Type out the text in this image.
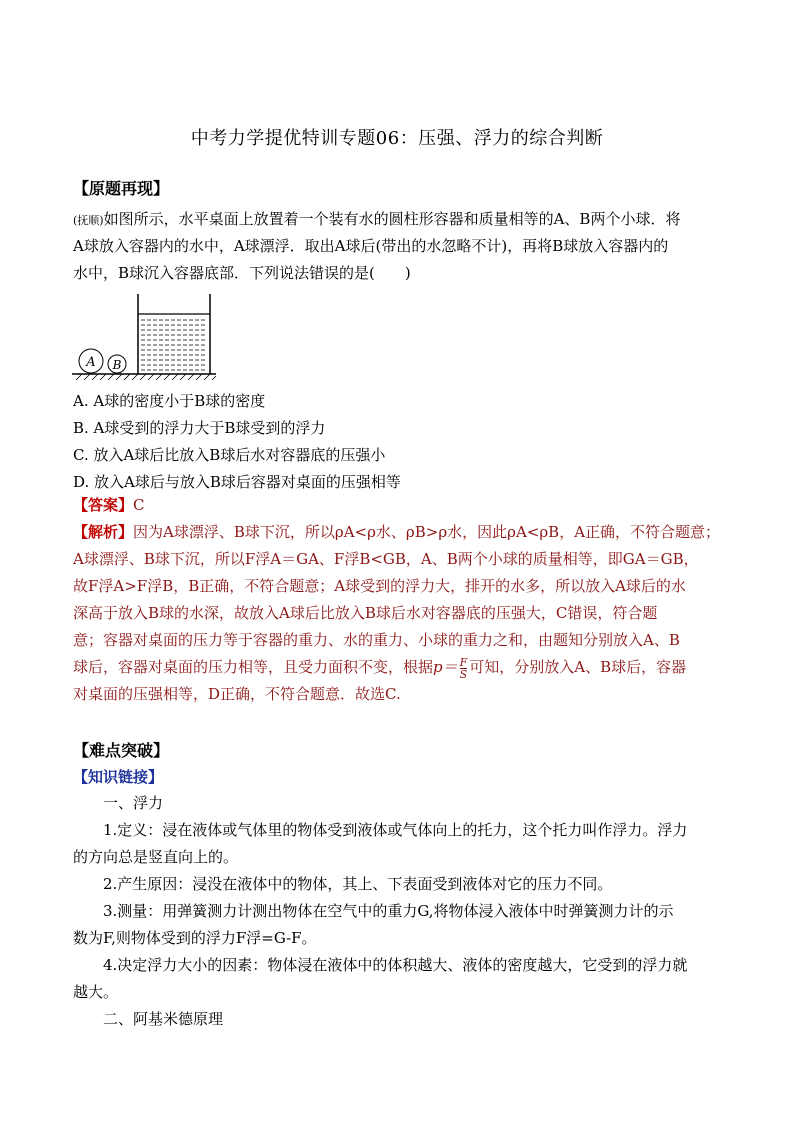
中考力学提优特训专题06：压强、浮力的综合判断
【原题再现】
(抚顺)如图所示，水平桌面上放置着一个装有水的圆柱形容器和质量相等的A、B两个小球．将
A球放入容器内的水中，A球漂浮．取出A球后(带出的水忽略不计)，再将B球放入容器内的
水中，B球沉入容器底部．下列说法错误的是(　　)
A B
A. A球的密度小于B球的密度
B. A球受到的浮力大于B球受到的浮力
C. 放入A球后比放入B球后水对容器底的压强小
D. 放入A球后与放入B球后容器对桌面的压强相等
【答案】C
【解析】因为A球漂浮、B球下沉，所以ρA<ρ水、ρB>ρ水，因此ρA<ρB，A正确，不符合题意；
A球漂浮、B球下沉，所以F浮A＝GA、F浮B<GB，A、B两个小球的质量相等，即GA＝GB，
故F浮A>F浮B，B正确，不符合题意；A球受到的浮力大，排开的水多，所以放入A球后的水
深高于放入B球的水深，故放入A球后比放入B球后水对容器底的压强大，C错误，符合题
意；容器对桌面的压力等于容器的重力、水的重力、小球的重力之和，由题知分别放入A、B
球后，容器对桌面的压力相等，且受力面积不变，根据$p= \frac{F}{S}$ 可知，分别放入A、B球后，容器
对桌面的压强相等，D正确，不符合题意．故选C.
【难点突破】
【知识链接】
一、浮力
1.定义：浸在液体或气体里的物体受到液体或气体向上的托力，这个托力叫作浮力。浮力
的方向总是竖直向上的。
2.产生原因：浸没在液体中的物体，其上、下表面受到液体对它的压力不同。
3.测量：用弹簧测力计测出物体在空气中的重力G,将物体浸入液体中时弹簧测力计的示
数为F,则物体受到的浮力F浮=G-F。
4.决定浮力大小的因素：物体浸在液体中的体积越大、液体的密度越大，它受到的浮力就
越大。
二、阿基米德原理
